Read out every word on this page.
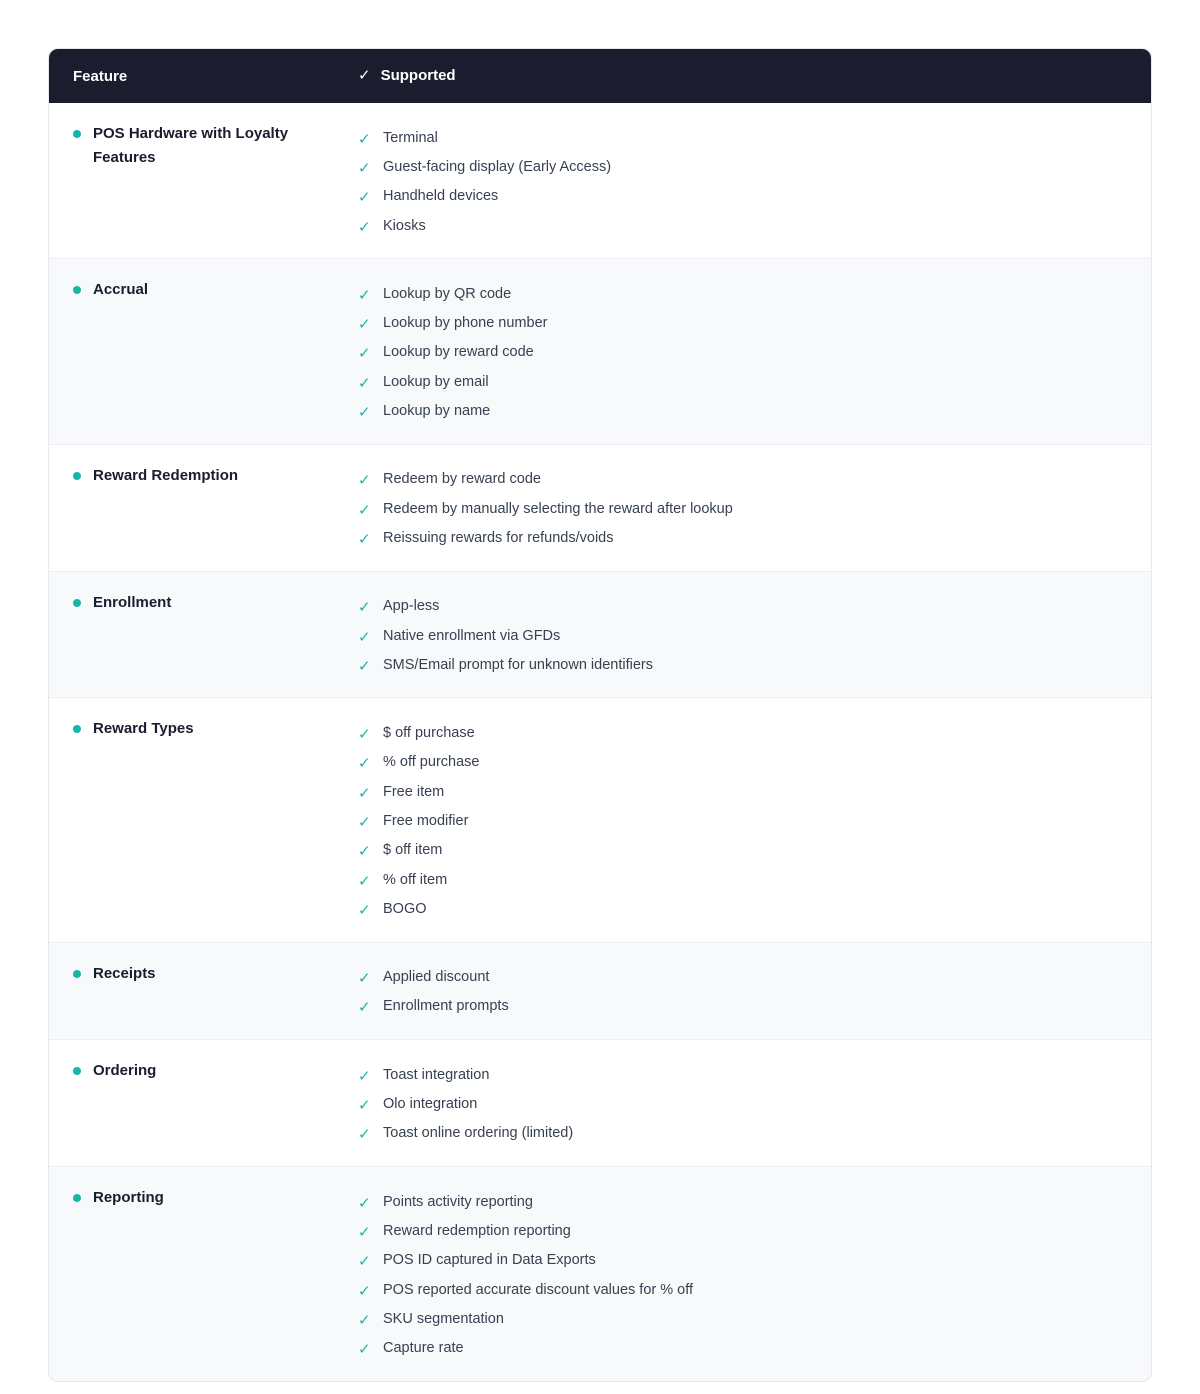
Feature	✓ Supported
POS Hardware with Loyalty Features
✓ Terminal
✓ Guest-facing display (Early Access)
✓ Handheld devices
✓ Kiosks
Accrual	✓ Lookup by QR code
✓ Lookup by phone number
✓ Lookup by reward code
✓ Lookup by email
✓ Lookup by name
Reward Redemption	✓ Redeem by reward code
✓ Redeem by manually selecting the reward after lookup
✓ Reissuing rewards for refunds/voids
Enrollment	✓ App-less
✓ Native enrollment via GFDs
✓ SMS/Email prompt for unknown identifiers
Reward Types	✓ $ off purchase
✓ % off purchase
✓ Free item
✓ Free modifier
✓ $ off item
✓ % off item
✓ BOGO
Receipts	✓ Applied discount
✓ Enrollment prompts
Ordering	✓ Toast integration
✓ Olo integration
✓ Toast online ordering (limited)
Reporting	✓ Points activity reporting
✓ Reward redemption reporting
✓ POS ID captured in Data Exports
✓ POS reported accurate discount values for % off
✓ SKU segmentation
✓ Capture rate
